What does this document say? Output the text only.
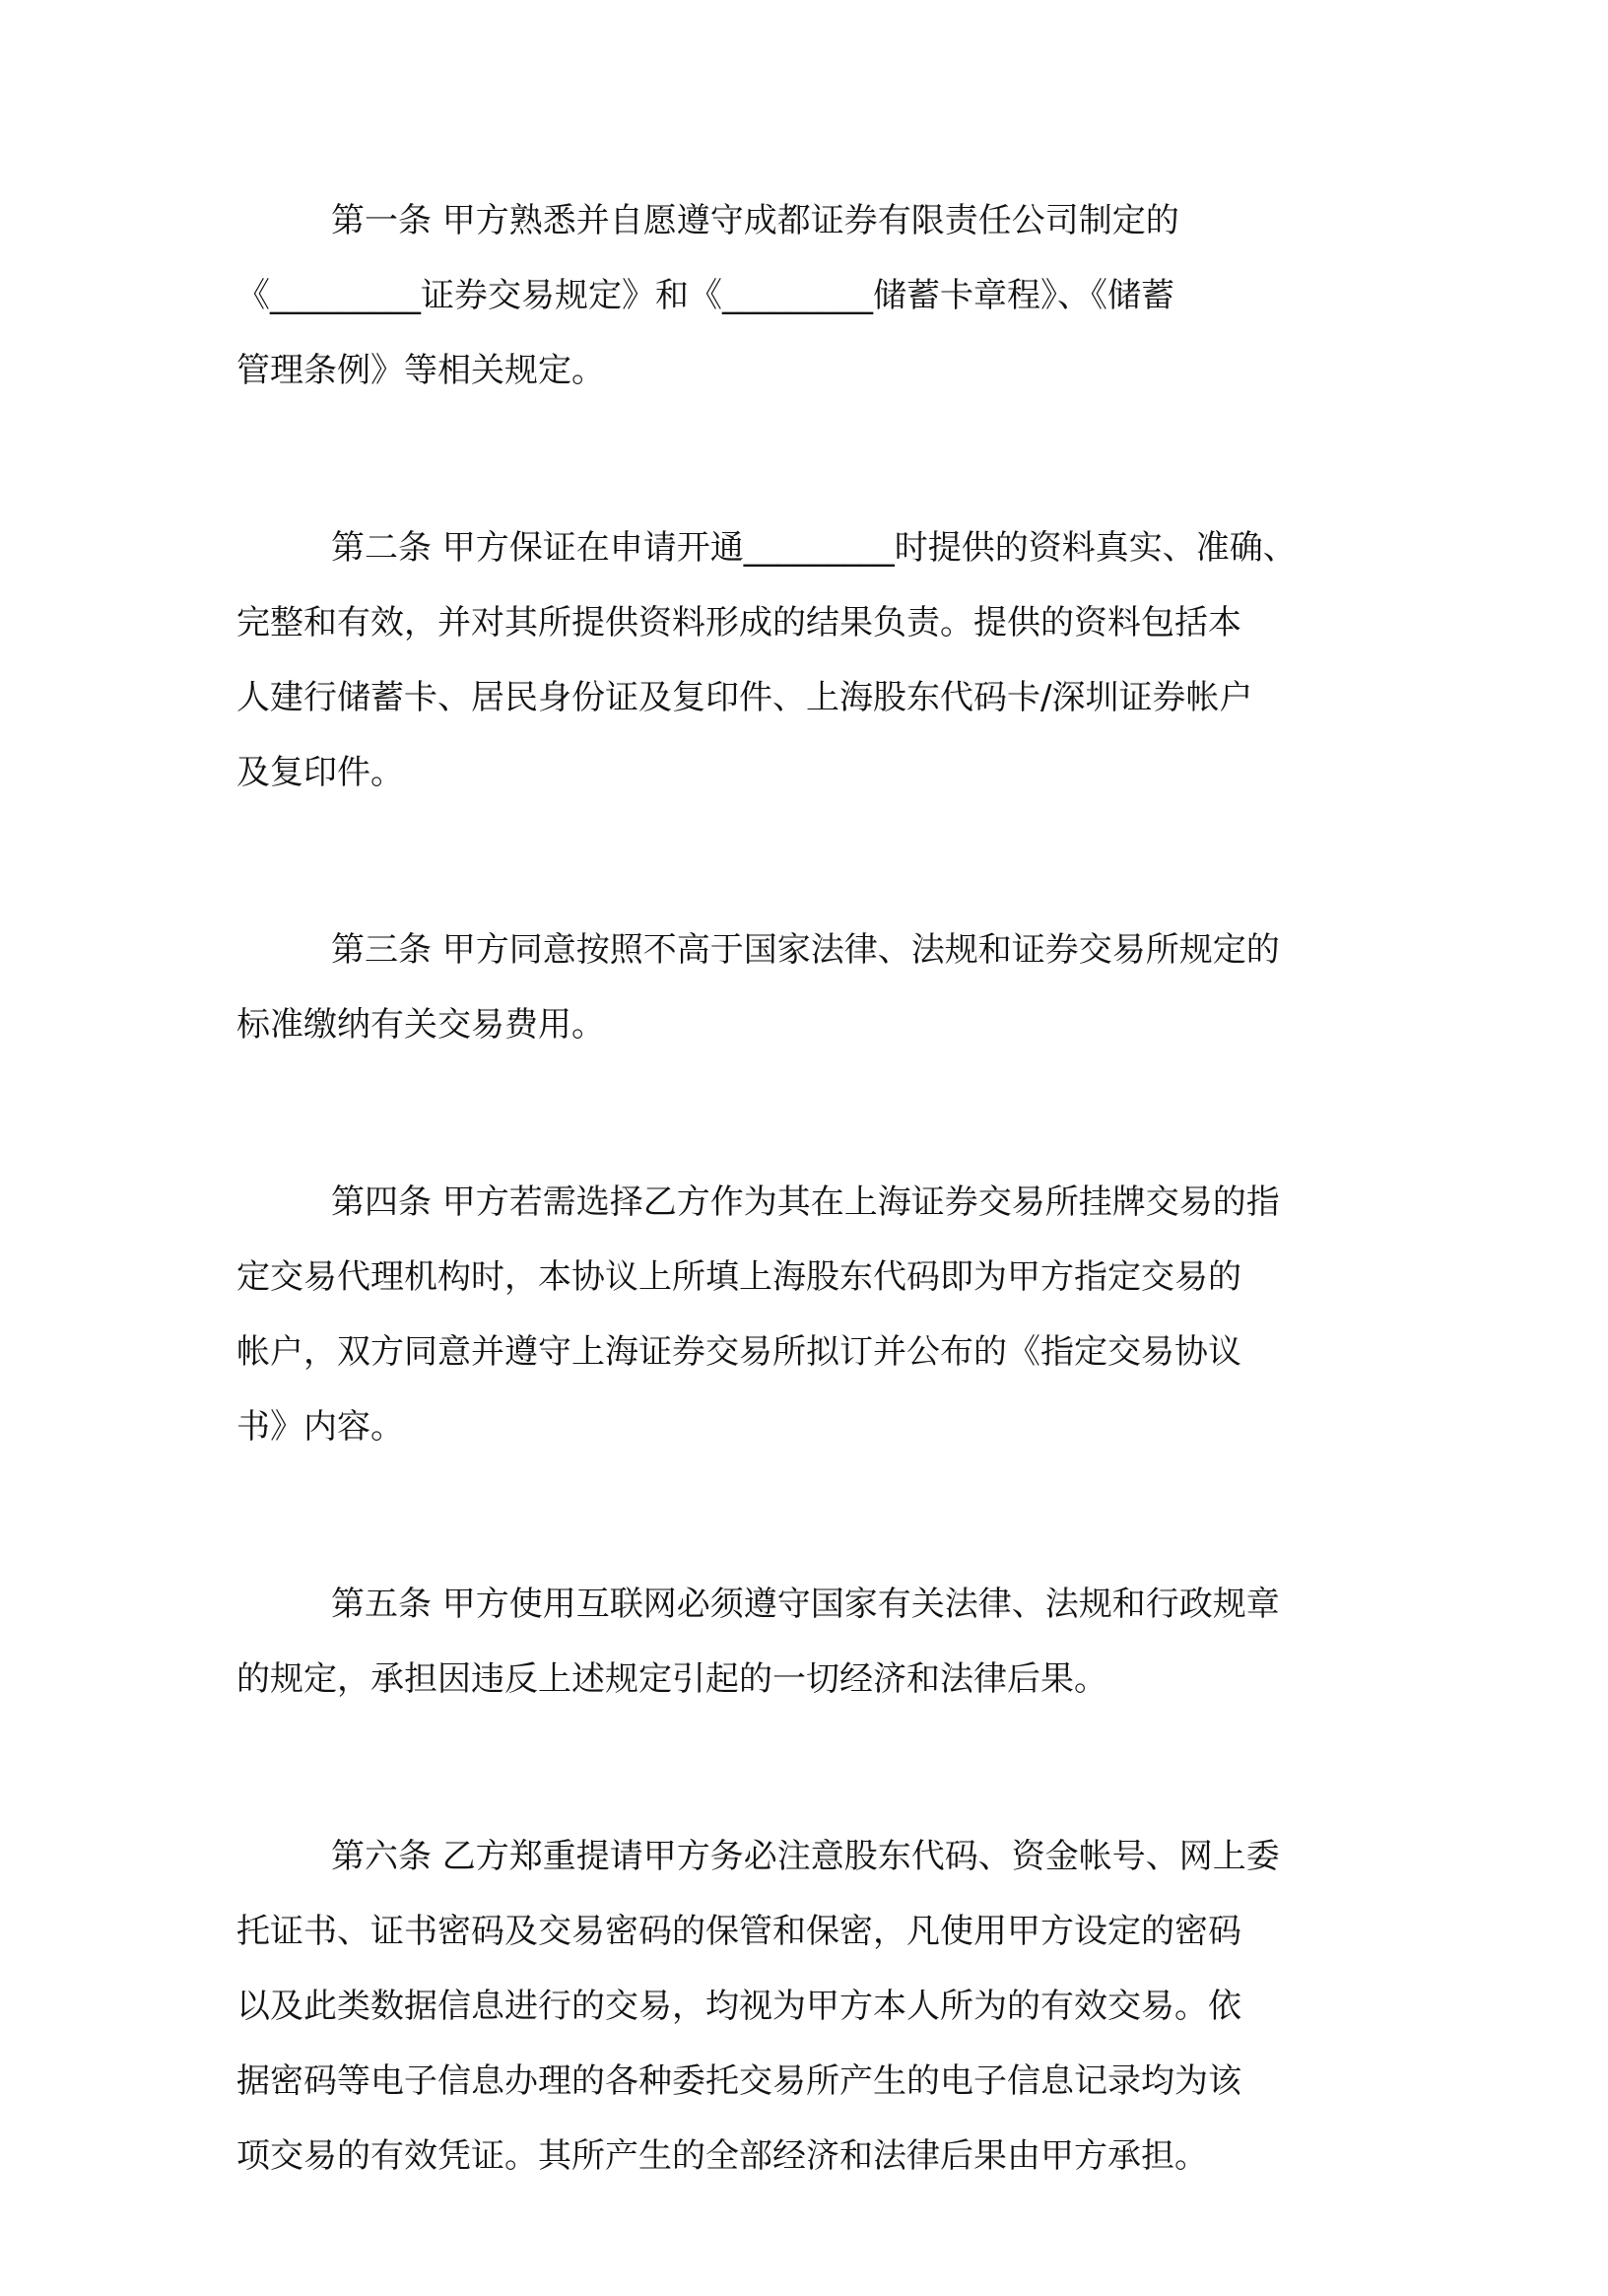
第一条 甲方熟悉并自愿遵守成都证券有限责任公司制定的
《_________证券交易规定》和《_________储蓄卡章程》、《储蓄
管理条例》等相关规定。
第二条 甲方保证在申请开通_________时提供的资料真实、准确、
完整和有效，并对其所提供资料形成的结果负责。提供的资料包括本
人建行储蓄卡、居民身份证及复印件、上海股东代码卡/深圳证券帐户
及复印件。
第三条 甲方同意按照不高于国家法律、法规和证券交易所规定的
标准缴纳有关交易费用。
第四条 甲方若需选择乙方作为其在上海证券交易所挂牌交易的指
定交易代理机构时，本协议上所填上海股东代码即为甲方指定交易的
帐户，双方同意并遵守上海证券交易所拟订并公布的《指定交易协议
书》内容。
第五条 甲方使用互联网必须遵守国家有关法律、法规和行政规章
的规定，承担因违反上述规定引起的一切经济和法律后果。
第六条 乙方郑重提请甲方务必注意股东代码、资金帐号、网上委
托证书、证书密码及交易密码的保管和保密，凡使用甲方设定的密码
以及此类数据信息进行的交易，均视为甲方本人所为的有效交易。依
据密码等电子信息办理的各种委托交易所产生的电子信息记录均为该
项交易的有效凭证。其所产生的全部经济和法律后果由甲方承担。
